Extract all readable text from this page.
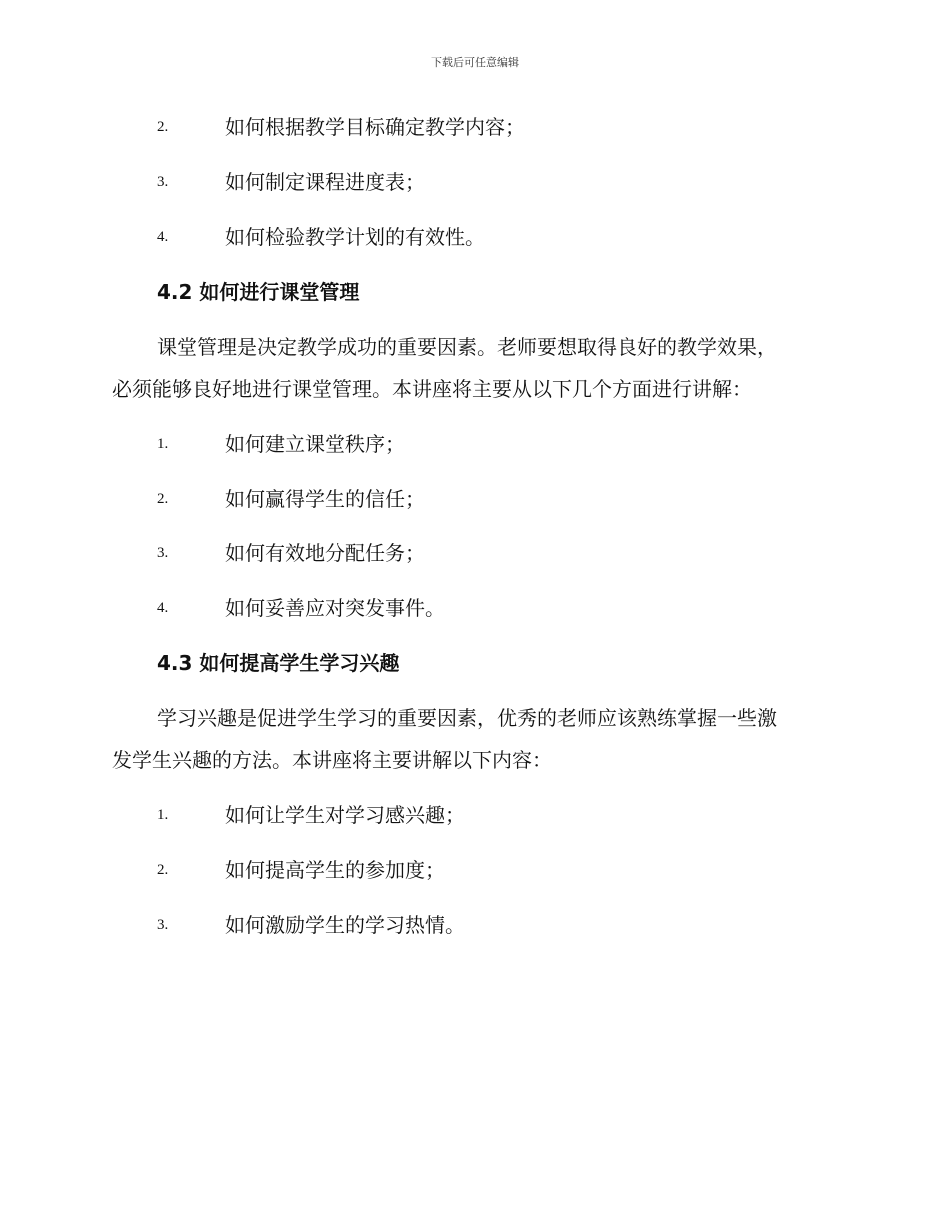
下载后可任意编辑
2.	如何根据教学目标确定教学内容；
3.	如何制定课程进度表；
4.	如何检验教学计划的有效性。
4.2 如何进行课堂管理
课堂管理是决定教学成功的重要因素。老师要想取得良好的教学效果，
必须能够良好地进行课堂管理。本讲座将主要从以下几个方面进行讲解：
1.	如何建立课堂秩序；
2.	如何赢得学生的信任；
3.	如何有效地分配任务；
4.	如何妥善应对突发事件。
4.3 如何提高学生学习兴趣
学习兴趣是促进学生学习的重要因素，优秀的老师应该熟练掌握一些激
发学生兴趣的方法。本讲座将主要讲解以下内容：
1.	如何让学生对学习感兴趣；
2.	如何提高学生的参加度；
3.	如何激励学生的学习热情。
